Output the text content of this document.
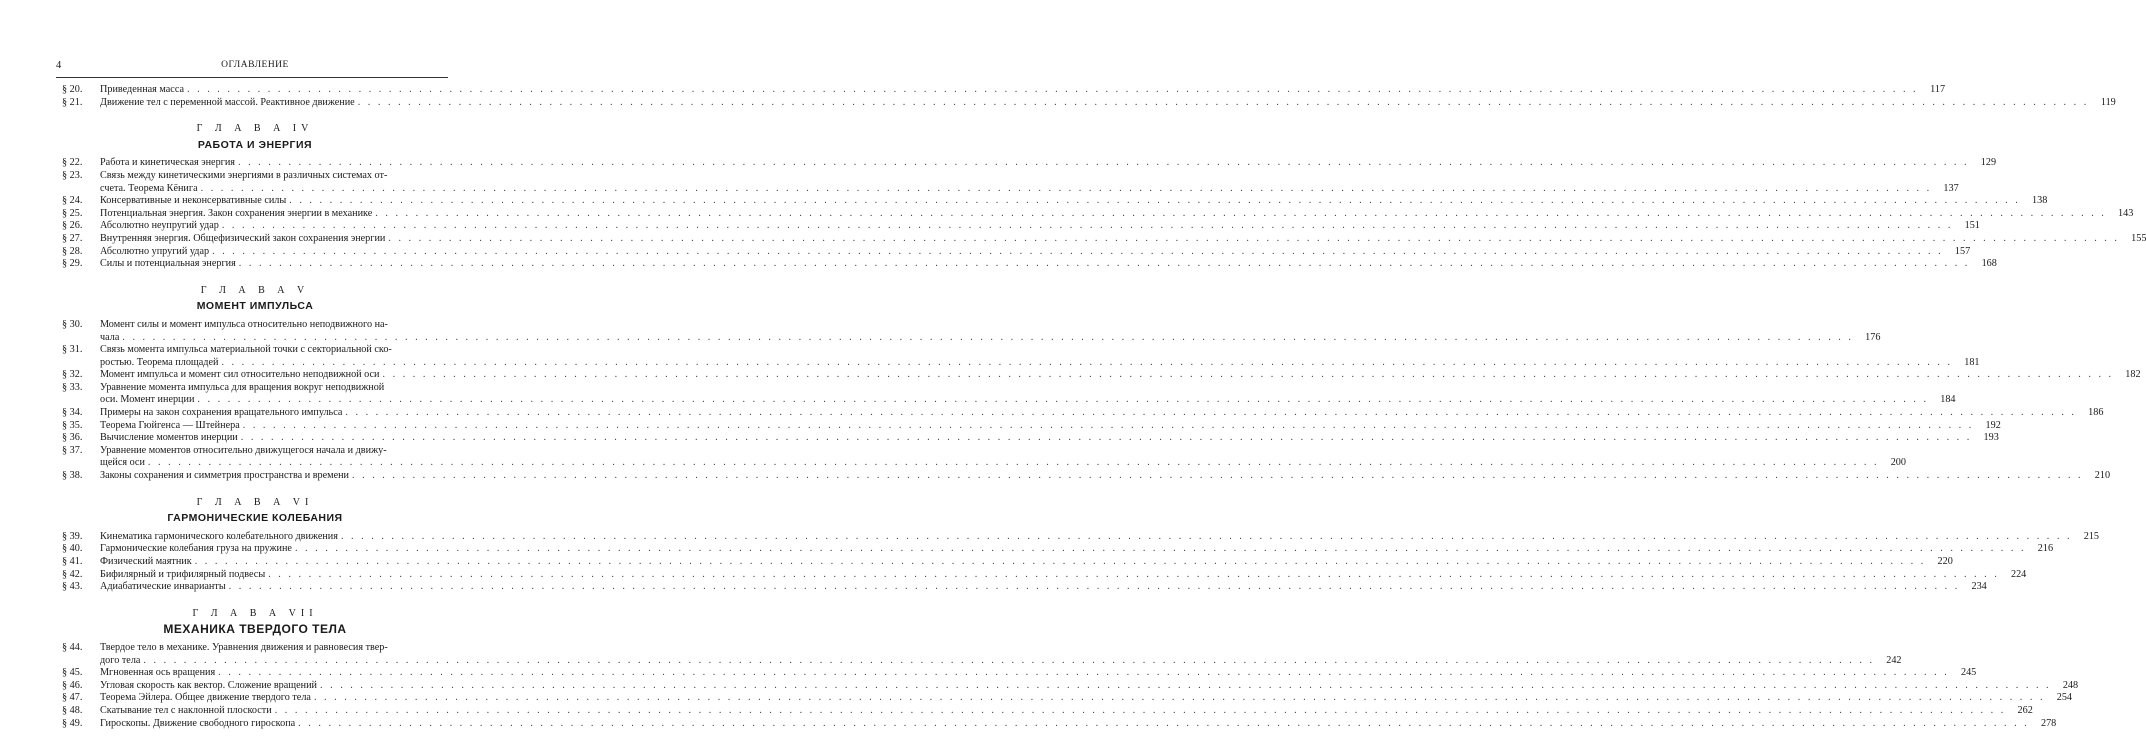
4	ОГЛАВЛЕНИЕ
§ 20.	Приведенная масса . . .	117
§ 21.	Движение тел с переменной массой. Реактивное движение . . .	119
Г Л А В А IV
РАБОТА И ЭНЕРГИЯ
§ 22.	Работа и кинетическая энергия . . .	129
§ 23.	Связь между кинетическими энергиями в различных системах от-
счета. Теорема Кёнига . . .	137
§ 24.	Консервативные и неконсервативные силы . . .	138
§ 25.	Потенциальная энергия. Закон сохранения энергии в механике . . .	143
§ 26.	Абсолютно неупругий удар . . .	151
§ 27.	Внутренняя энергия. Общефизический закон сохранения энергии . . .	155
§ 28.	Абсолютно упругий удар . . .	157
§ 29.	Силы и потенциальная энергия . . .	168
Г Л А В А V
МОМЕНТ ИМПУЛЬСА
§ 30.	Момент силы и момент импульса относительно неподвижного на-
чала . . .	176
§ 31.	Связь момента импульса материальной точки с секториальной ско-
ростью. Теорема площадей . . .	181
§ 32.	Момент импульса и момент сил относительно неподвижной оси . . .	182
§ 33.	Уравнение момента импульса для вращения вокруг неподвижной
оси. Момент инерции . . .	184
§ 34.	Примеры на закон сохранения вращательного импульса . . .	186
§ 35.	Теорема Гюйгенса — Штейнера . . .	192
§ 36.	Вычисление моментов инерции . . .	193
§ 37.	Уравнение моментов относительно движущегося начала и движу-
щейся оси . . .	200
§ 38.	Законы сохранения и симметрия пространства и времени . . .	210
Г Л А В А VI
ГАРМОНИЧЕСКИЕ КОЛЕБАНИЯ
§ 39.	Кинематика гармонического колебательного движения . . .	215
§ 40.	Гармонические колебания груза на пружине . . .	216
§ 41.	Физический маятник . . .	220
§ 42.	Бифилярный и трифилярный подвесы . . .	224
§ 43.	Адиабатические инварианты . . .	234
Г Л А В А VII
МЕХАНИКА ТВЕРДОГО ТЕЛА
§ 44.	Твердое тело в механике. Уравнения движения и равновесия твер-
дого тела . . .	242
§ 45.	Мгновенная ось вращения . . .	245
§ 46.	Угловая скорость как вектор. Сложение вращений . . .	248
§ 47.	Теорема Эйлера. Общее движение твердого тела . . .	254
§ 48.	Скатывание тел с наклонной плоскости . . .	262
§ 49.	Гироскопы. Движение свободного гироскопа . . .	278
